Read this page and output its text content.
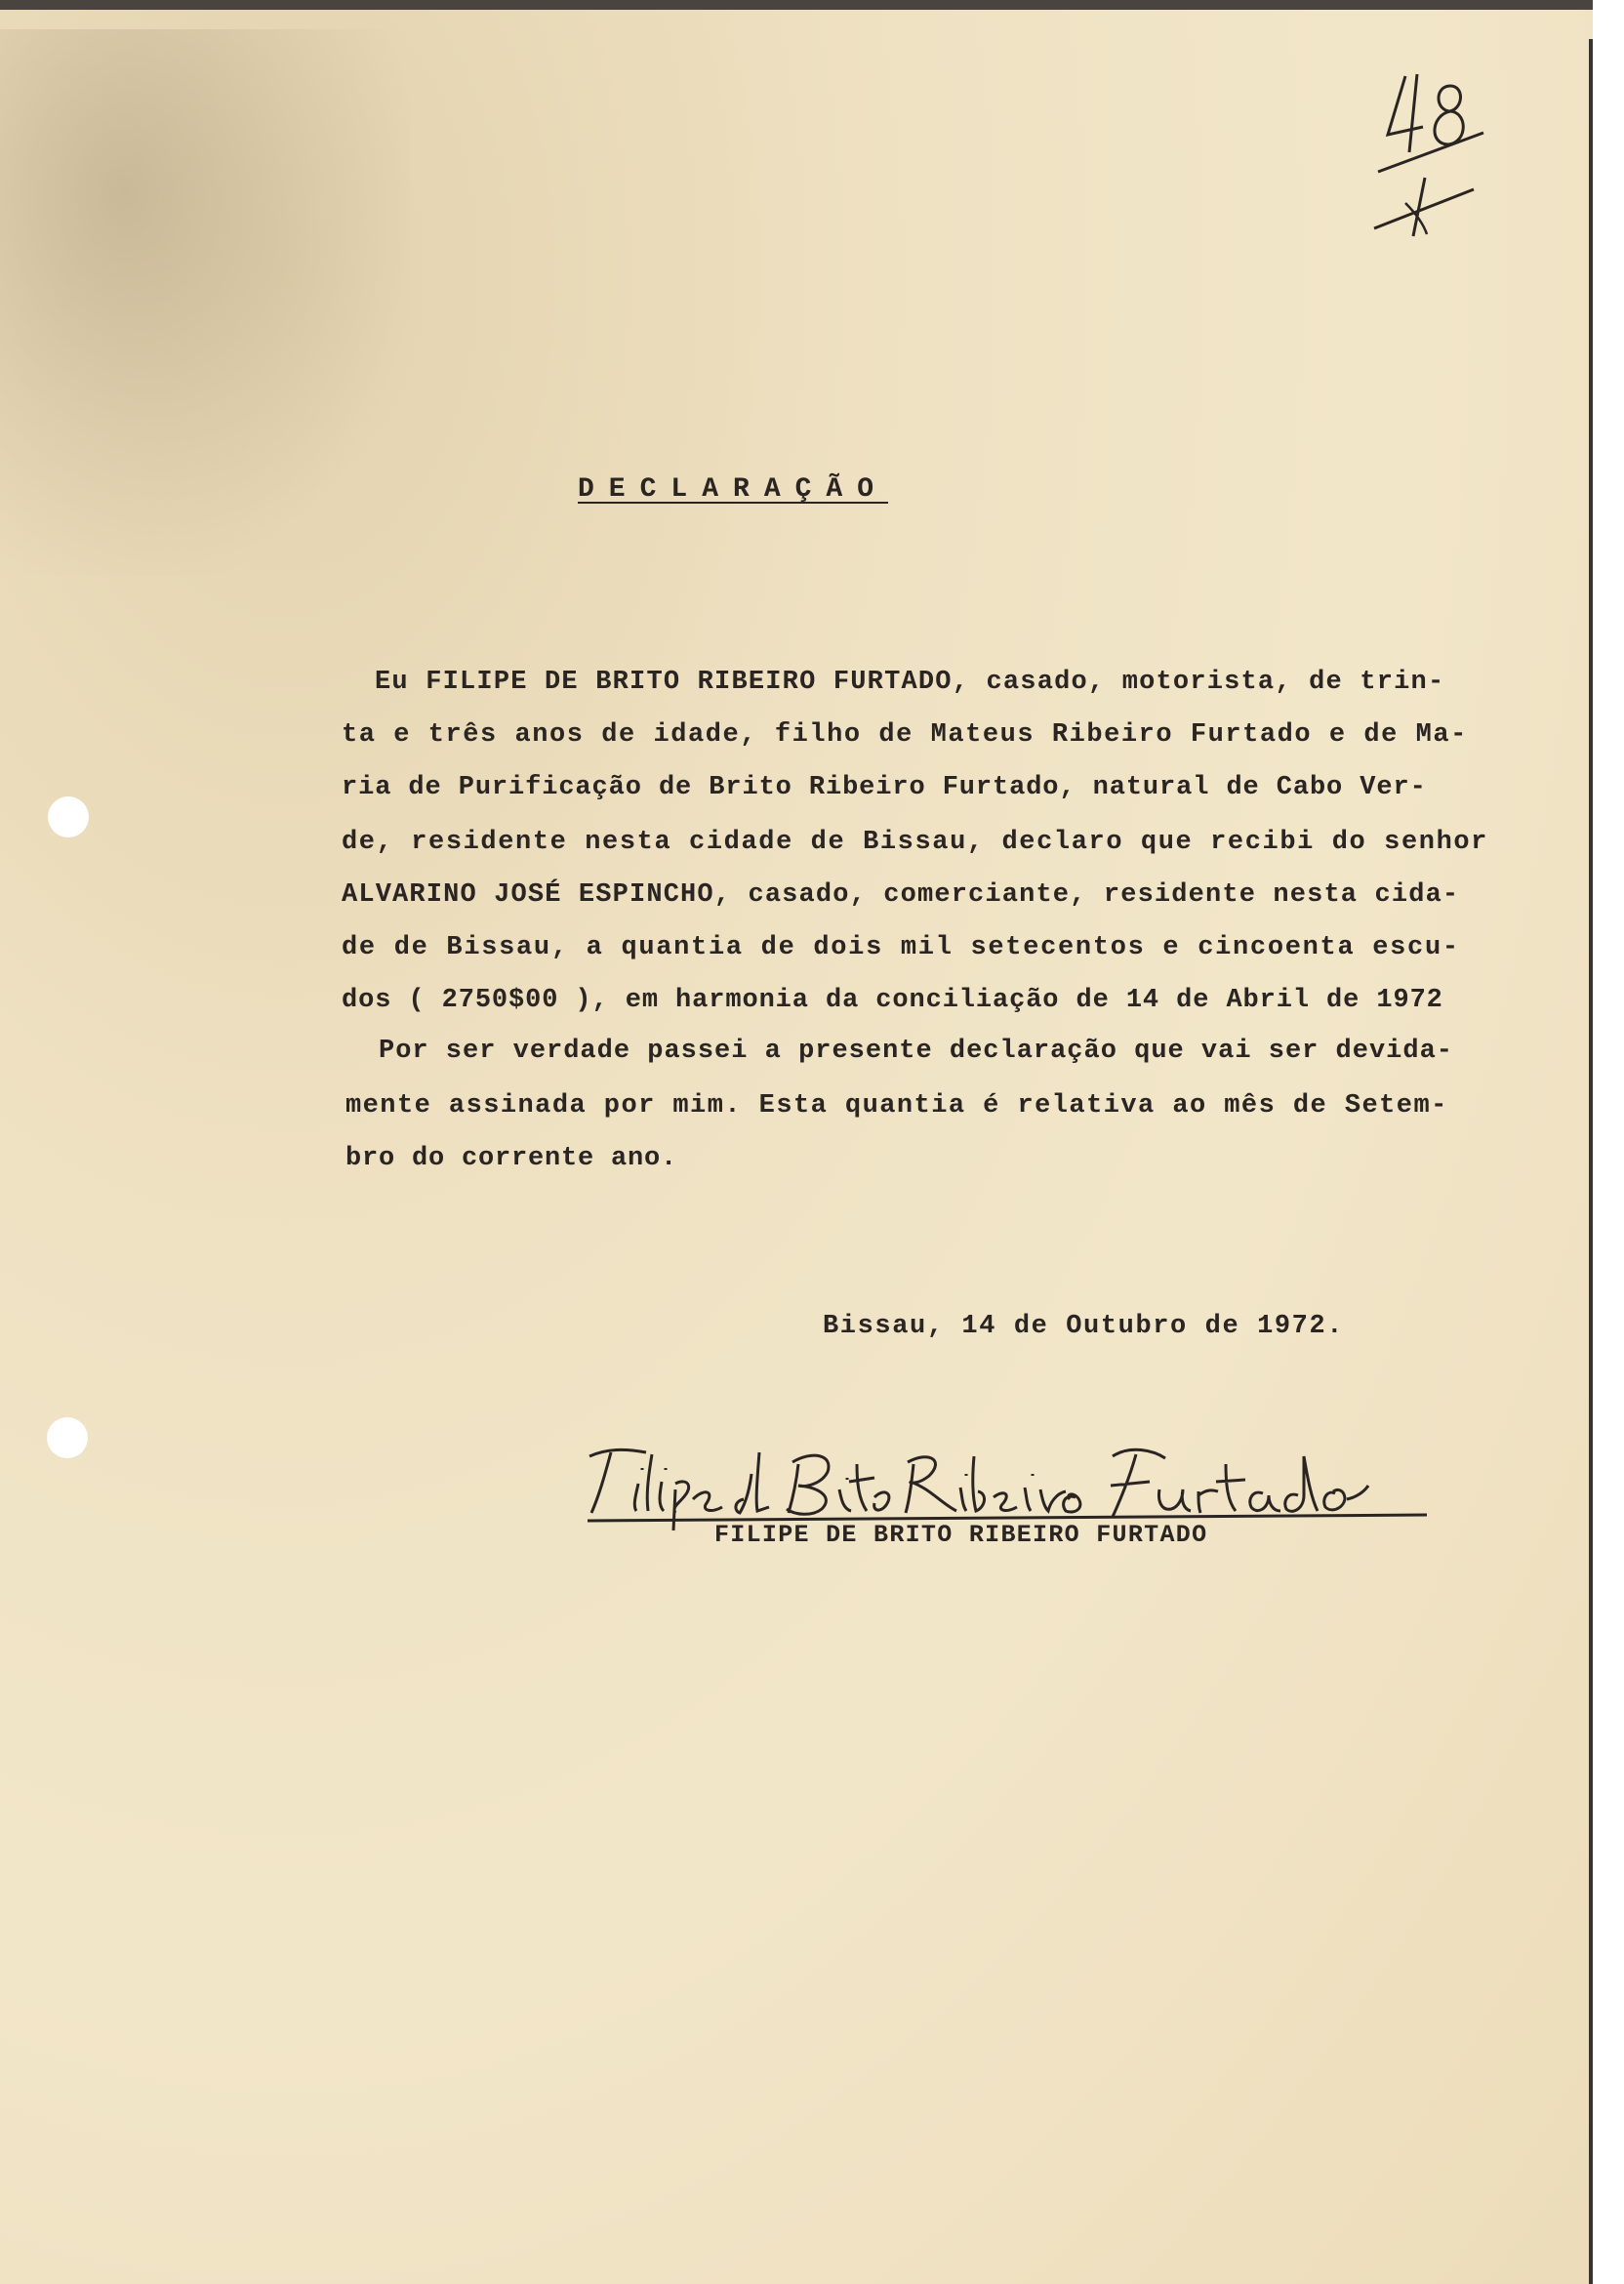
DECLARAÇÃO
Eu FILIPE DE BRITO RIBEIRO FURTADO, casado, motorista, de trin-
ta e três anos de idade, filho de Mateus Ribeiro Furtado e de Ma-
ria de Purificação de Brito Ribeiro Furtado, natural de Cabo Ver-
de, residente nesta cidade de Bissau, declaro que recibi do senhor
ALVARINO JOSÉ ESPINCHO, casado, comerciante, residente nesta cida-
de de Bissau, a quantia de dois mil setecentos e cincoenta escu-
dos ( 2750$00 ), em harmonia da conciliação de 14 de Abril de 1972
Por ser verdade passei a presente declaração que vai ser devida-
mente assinada por mim. Esta quantia é relativa ao mês de Setem-
bro do corrente ano.
Bissau, 14 de Outubro de 1972.
FILIPE DE BRITO RIBEIRO FURTADO
